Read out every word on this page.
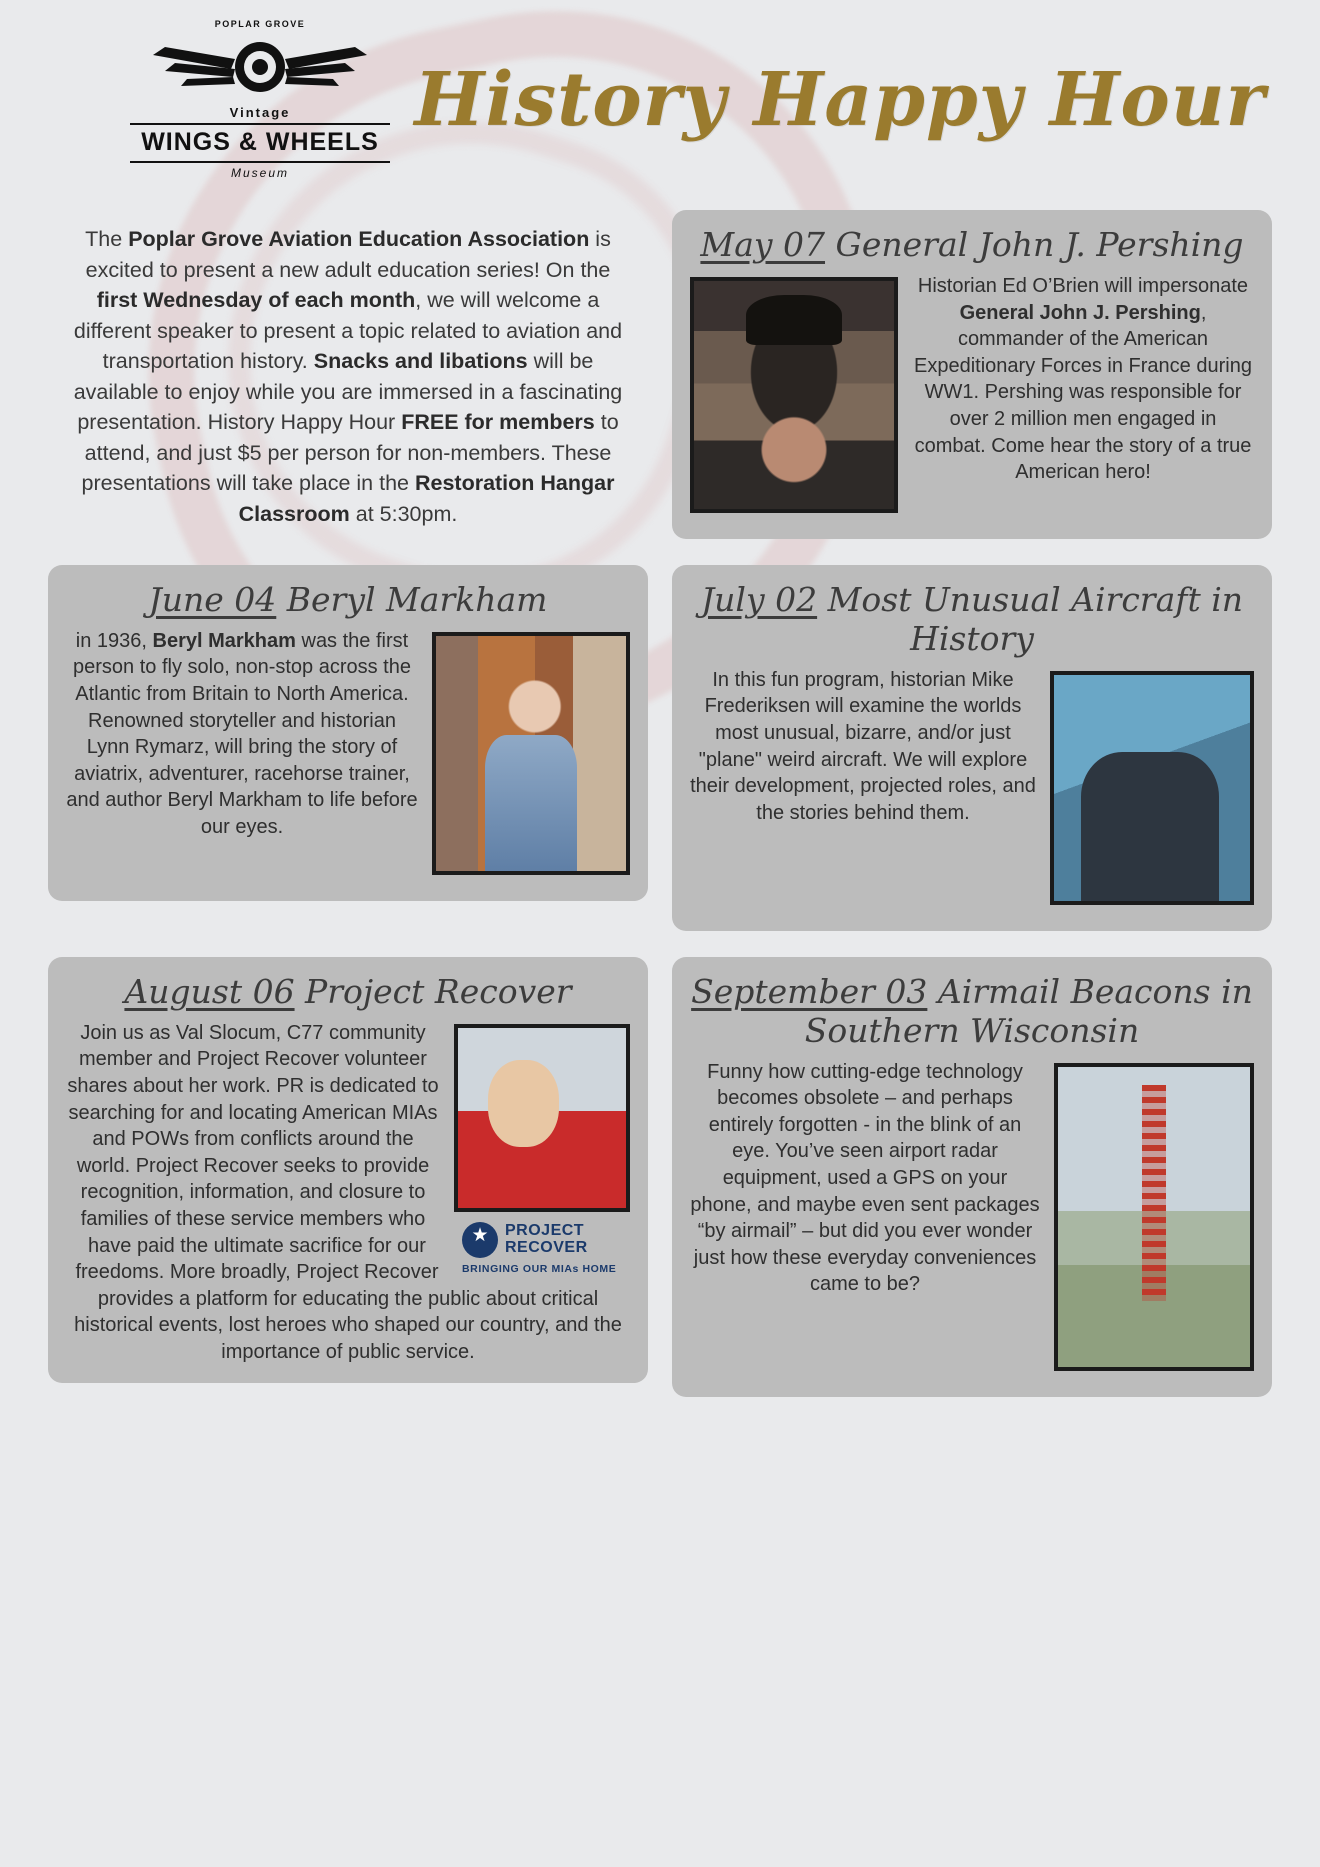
POPLAR GROVE
Vintage
WINGS & WHEELS
Museum
History Happy Hour
The Poplar Grove Aviation Education Association is excited to present a new adult education series! On the first Wednesday of each month, we will welcome a different speaker to present a topic related to aviation and transportation history. Snacks and libations will be available to enjoy while you are immersed in a fascinating presentation. History Happy Hour FREE for members to attend, and just $5 per person for non-members. These presentations will take place in the Restoration Hangar Classroom at 5:30pm.
May 07 General John J. Pershing
Historian Ed O’Brien will impersonate General John J. Pershing, commander of the American Expeditionary Forces in France during WW1. Pershing was responsible for over 2 million men engaged in combat. Come hear the story of a true American hero!
June 04 Beryl Markham
in 1936, Beryl Markham was the first person to fly solo, non-stop across the Atlantic from Britain to North America. Renowned storyteller and historian Lynn Rymarz, will bring the story of aviatrix, adventurer, racehorse trainer, and author Beryl Markham to life before our eyes.
July 02 Most Unusual Aircraft in History
In this fun program, historian Mike Frederiksen will examine the worlds most unusual, bizarre, and/or just "plane" weird aircraft. We will explore their development, projected roles, and the stories behind them.
August 06 Project Recover
★
PROJECT
RECOVER
BRINGING OUR MIAs HOME
Join us as Val Slocum, C77 community member and Project Recover volunteer shares about her work. PR is dedicated to searching for and locating American MIAs and POWs from conflicts around the world. Project Recover seeks to provide recognition, information, and closure to families of these service members who have paid the ultimate sacrifice for our freedoms. More broadly, Project Recover provides a platform for educating the public about critical historical events, lost heroes who shaped our country, and the importance of public service.
September 03 Airmail Beacons in Southern Wisconsin
Funny how cutting-edge technology becomes obsolete – and perhaps entirely forgotten - in the blink of an eye. You’ve seen airport radar equipment, used a GPS on your phone, and maybe even sent packages “by airmail” – but did you ever wonder just how these everyday conveniences came to be?
